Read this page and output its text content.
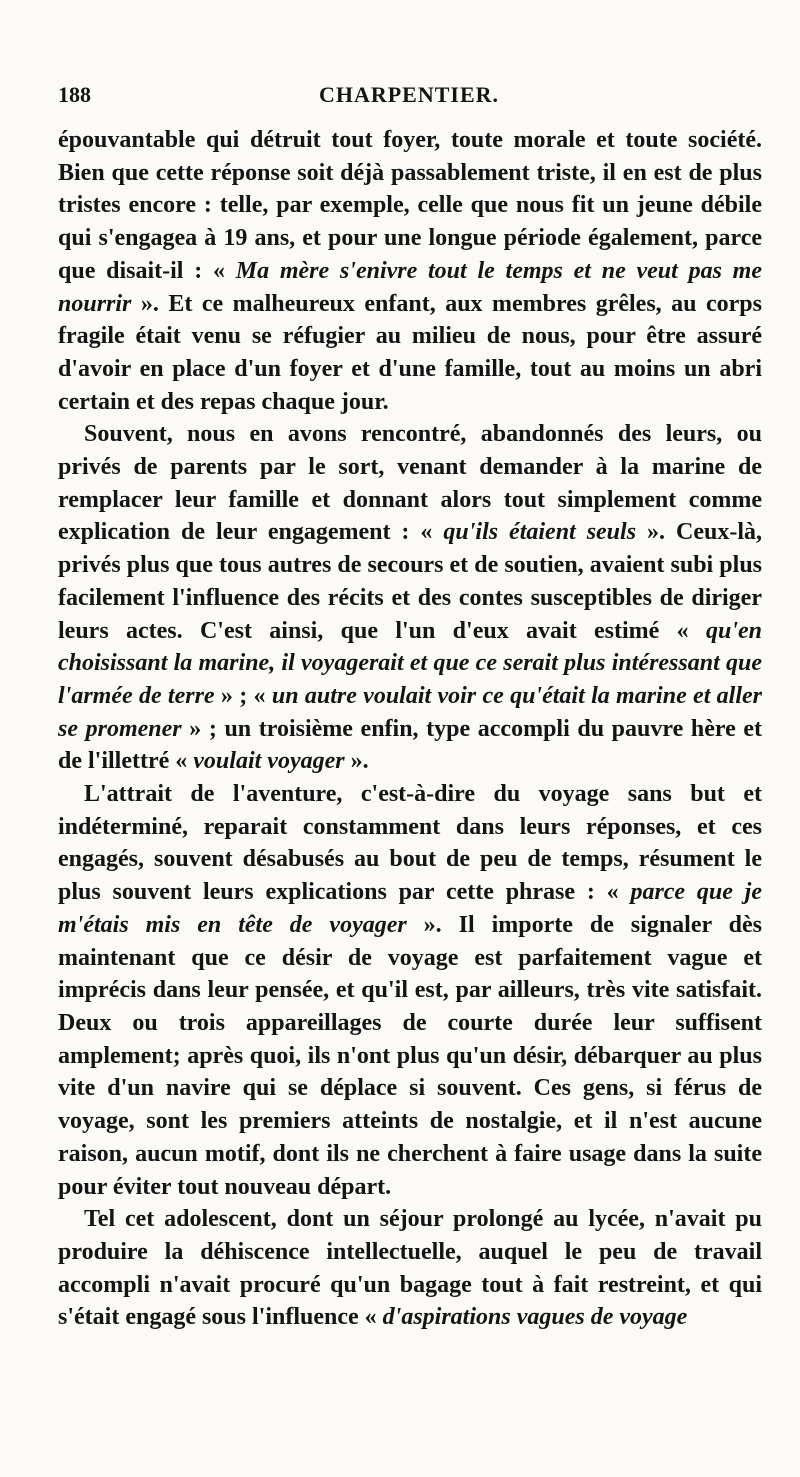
188	CHARPENTIER.

épouvantable qui détruit tout foyer, toute morale et toute société. Bien que cette réponse soit déjà passablement triste, il en est de plus tristes encore : telle, par exemple, celle que nous fit un jeune débile qui s'engagea à 19 ans, et pour une longue période également, parce que disait-il : « Ma mère s'enivre tout le temps et ne veut pas me nourrir ». Et ce malheureux enfant, aux membres grêles, au corps fragile était venu se réfugier au milieu de nous, pour être assuré d'avoir en place d'un foyer et d'une famille, tout au moins un abri certain et des repas chaque jour.

Souvent, nous en avons rencontré, abandonnés des leurs, ou privés de parents par le sort, venant demander à la marine de remplacer leur famille et donnant alors tout simplement comme explication de leur engagement : « qu'ils étaient seuls ». Ceux-là, privés plus que tous autres de secours et de soutien, avaient subi plus facilement l'influence des récits et des contes susceptibles de diriger leurs actes. C'est ainsi, que l'un d'eux avait estimé « qu'en choisissant la marine, il voyagerait et que ce serait plus intéressant que l'armée de terre » ; « un autre voulait voir ce qu'était la marine et aller se promener » ; un troisième enfin, type accompli du pauvre hère et de l'illettré « voulait voyager ».

L'attrait de l'aventure, c'est-à-dire du voyage sans but et indéterminé, reparait constamment dans leurs réponses, et ces engagés, souvent désabusés au bout de peu de temps, résument le plus souvent leurs explications par cette phrase : « parce que je m'étais mis en tête de voyager ». Il importe de signaler dès maintenant que ce désir de voyage est parfaitement vague et imprécis dans leur pensée, et qu'il est, par ailleurs, très vite satisfait. Deux ou trois appareillages de courte durée leur suffisent amplement; après quoi, ils n'ont plus qu'un désir, débarquer au plus vite d'un navire qui se déplace si souvent. Ces gens, si férus de voyage, sont les premiers atteints de nostalgie, et il n'est aucune raison, aucun motif, dont ils ne cherchent à faire usage dans la suite pour éviter tout nouveau départ.

Tel cet adolescent, dont un séjour prolongé au lycée, n'avait pu produire la déhiscence intellectuelle, auquel le peu de travail accompli n'avait procuré qu'un bagage tout à fait restreint, et qui s'était engagé sous l'influence « d'aspirations vagues de voyage
